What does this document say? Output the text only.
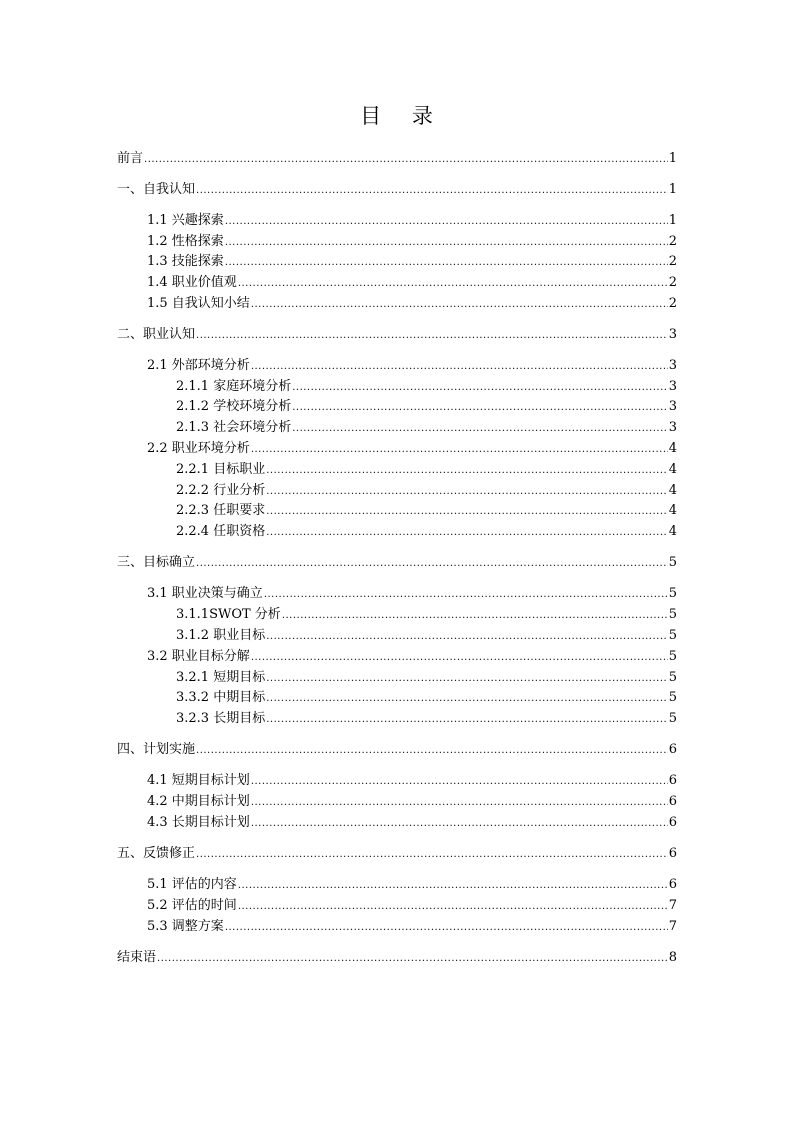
目 录
前言 .....	1
一、自我认知 .....	1
1.1 兴趣探索 .....	1
1.2 性格探索 .....	2
1.3 技能探索 .....	2
1.4 职业价值观 .....	2
1.5 自我认知小结 .....	2
二、职业认知 .....	3
2.1 外部环境分析 .....	3
2.1.1 家庭环境分析 .....	3
2.1.2 学校环境分析 .....	3
2.1.3 社会环境分析 .....	3
2.2 职业环境分析 .....	4
2.2.1 目标职业 .....	4
2.2.2 行业分析 .....	4
2.2.3 任职要求 .....	4
2.2.4 任职资格 .....	4
三、目标确立 .....	5
3.1 职业决策与确立 .....	5
3.1.1SWOT 分析 .....	5
3.1.2 职业目标 .....	5
3.2 职业目标分解 .....	5
3.2.1 短期目标 .....	5
3.3.2 中期目标 .....	5
3.2.3 长期目标 .....	5
四、计划实施 .....	6
4.1 短期目标计划 .....	6
4.2 中期目标计划 .....	6
4.3 长期目标计划 .....	6
五、反馈修正 .....	6
5.1 评估的内容 .....	6
5.2 评估的时间 .....	7
5.3 调整方案 .....	7
结束语 .....	8
